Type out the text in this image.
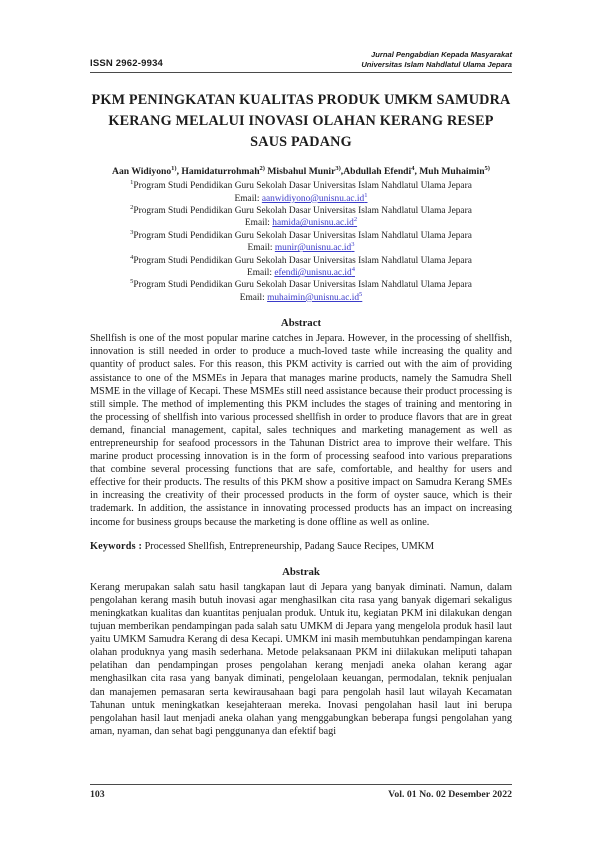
ISSN 2962-9934
Jurnal Pengabdian Kepada Masyarakat
Universitas Islam Nahdlatul Ulama Jepara
PKM PENINGKATAN KUALITAS PRODUK UMKM SAMUDRA KERANG MELALUI INOVASI OLAHAN KERANG RESEP SAUS PADANG
Aan Widiyono$^{1)}$, Hamidaturrohmah$^{2)}$ Misbahul Munir$^{3)}$,Abdullah Efendi$^4$, Muh Muhaimin$^{5)}$
$^1$Program Studi Pendidikan Guru Sekolah Dasar Universitas Islam Nahdlatul Ulama Jepara
Email: aanwidiyono@unisnu.ac.id$^1$
$^2$Program Studi Pendidikan Guru Sekolah Dasar Universitas Islam Nahdlatul Ulama Jepara
Email: hamida@unisnu.ac.id$^2$
$^3$Program Studi Pendidikan Guru Sekolah Dasar Universitas Islam Nahdlatul Ulama Jepara
Email: munir@unisnu.ac.id$^3$
$^4$Program Studi Pendidikan Guru Sekolah Dasar Universitas Islam Nahdlatul Ulama Jepara
Email: efendi@unisnu.ac.id$^4$
$^5$Program Studi Pendidikan Guru Sekolah Dasar Universitas Islam Nahdlatul Ulama Jepara
Email: muhaimin@unisnu.ac.id$^5$
Abstract

Shellfish is one of the most popular marine catches in Jepara. However, in the processing of shellfish, innovation is still needed in order to produce a much-loved taste while increasing the quality and quantity of product sales. For this reason, this PKM activity is carried out with the aim of providing assistance to one of the MSMEs in Jepara that manages marine products, namely the Samudra Shell MSME in the village of Kecapi. These MSMEs still need assistance because their product processing is still simple. The method of implementing this PKM includes the stages of training and mentoring in the processing of shellfish into various processed shellfish in order to produce flavors that are in great demand, financial management, capital, sales techniques and marketing management as well as entrepreneurship for seafood processors in the Tahunan District area to improve their welfare. This marine product processing innovation is in the form of processing seafood into various preparations that combine several processing functions that are safe, comfortable, and healthy for users and effective for their products. The results of this PKM show a positive impact on Samudra Kerang SMEs in increasing the creativity of their processed products in the form of oyster sauce, which is their trademark. In addition, the assistance in innovating processed products has an impact on increasing income for business groups because the marketing is done offline as well as online.

Keywords : Processed Shellfish, Entrepreneurship, Padang Sauce Recipes, UMKM

Abstrak

Kerang merupakan salah satu hasil tangkapan laut di Jepara yang banyak diminati. Namun, dalam pengolahan kerang masih butuh inovasi agar menghasilkan cita rasa yang banyak digemari sekaligus meningkatkan kualitas dan kuantitas penjualan produk. Untuk itu, kegiatan PKM ini dilakukan dengan tujuan memberikan pendampingan pada salah satu UMKM di Jepara yang mengelola produk hasil laut yaitu UMKM Samudra Kerang di desa Kecapi. UMKM ini masih membutuhkan pendampingan karena olahan produknya yang masih sederhana. Metode pelaksanaan PKM ini diilakukan meliputi tahapan pelatihan dan pendampingan proses pengolahan kerang menjadi aneka olahan kerang agar menghasilkan cita rasa yang banyak diminati, pengelolaan keuangan, permodalan, teknik penjualan dan manajemen pemasaran serta kewirausahaan bagi para pengolah hasil laut wilayah Kecamatan Tahunan untuk meningkatkan kesejahteraan mereka. Inovasi pengolahan hasil laut ini berupa pengolahan hasil laut menjadi aneka olahan yang menggabungkan beberapa fungsi pengolahan yang aman, nyaman, dan sehat bagi penggunanya dan efektif bagi

103	Vol. 01 No. 02 Desember 2022
